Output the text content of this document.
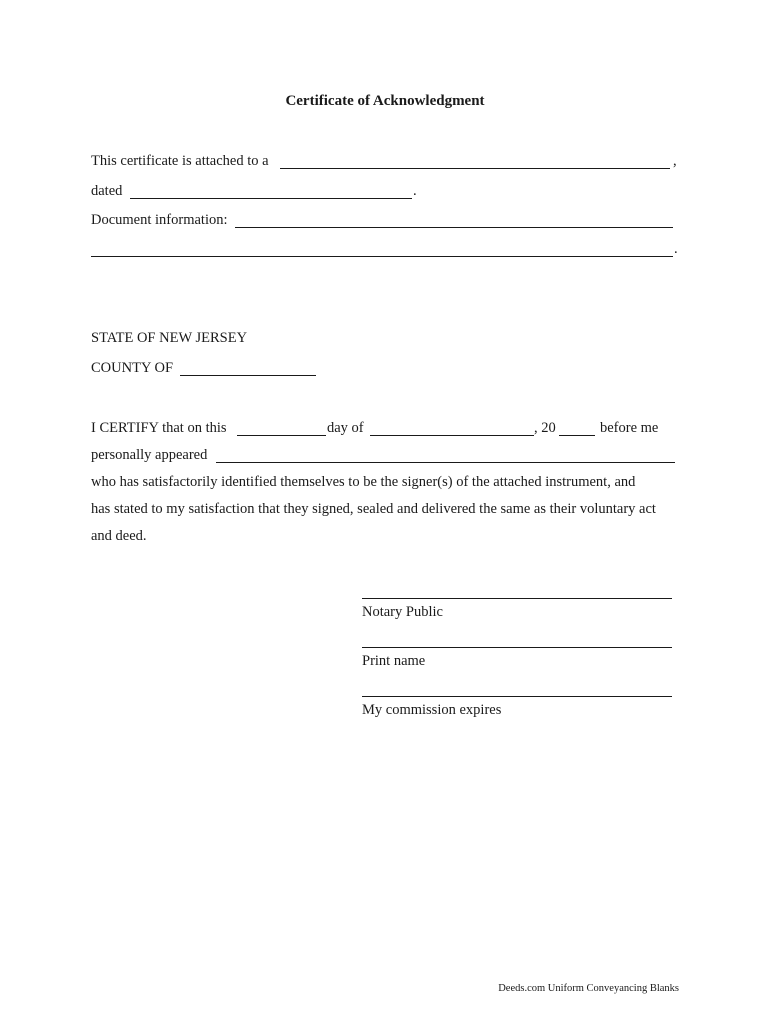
Certificate of Acknowledgment
This certificate is attached to a	,
dated	.
Document information:
.
STATE OF NEW JERSEY
COUNTY OF
I CERTIFY that on this	day of	, 20	before me
personally appeared
who has satisfactorily identified themselves to be the signer(s) of the attached instrument, and
has stated to my satisfaction that they signed, sealed and delivered the same as their voluntary act
and deed.
Notary Public
Print name
My commission expires
Deeds.com Uniform Conveyancing Blanks
